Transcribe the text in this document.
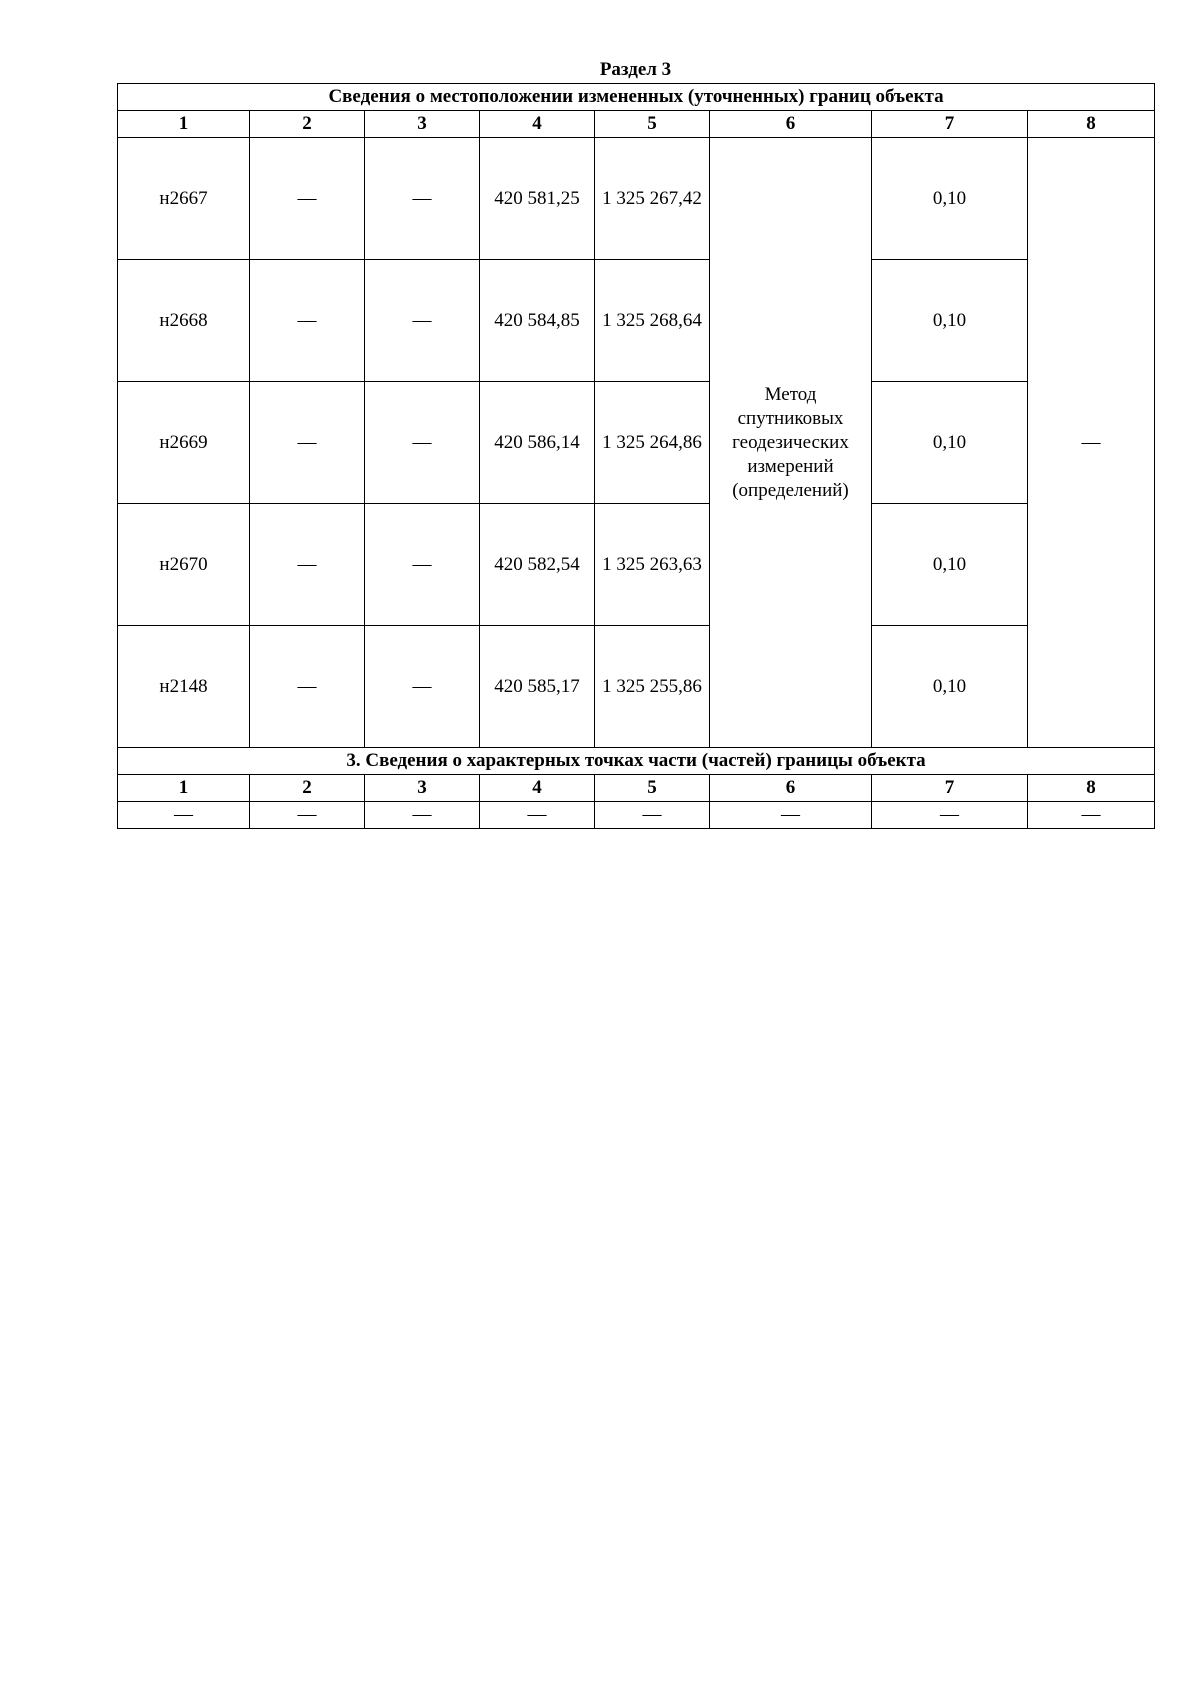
Раздел 3
Сведения о местоположении измененных (уточненных) границ объекта							
1	2	3	4	5	6	7	8
н2667	—	—	420 581,25	1 325 267,42	Метод спутниковых геодезических измерений (определений)	0,10	—
н2668	—	—	420 584,85	1 325 268,64		0,10	
н2669	—	—	420 586,14	1 325 264,86		0,10	
н2670	—	—	420 582,54	1 325 263,63		0,10	
н2148	—	—	420 585,17	1 325 255,86		0,10	
3. Сведения о характерных точках части (частей) границы объекта							
1	2	3	4	5	6	7	8
—	—	—	—	—	—	—	—
